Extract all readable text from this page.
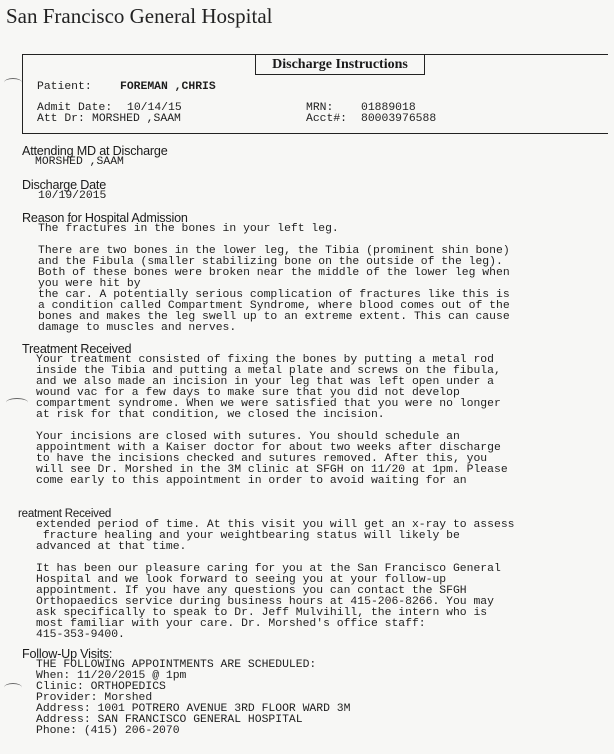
San Francisco General Hospital
Discharge Instructions
Patient: FOREMAN ,CHRIS
Admit Date: 10/14/15
Att Dr: MORSHED ,SAAM
MRN: 01889018
Acct#: 80003976588
Attending MD at Discharge
MORSHED ,SAAM
Discharge Date
10/19/2015
Reason for Hospital Admission
The fractures in the bones in your left leg.

There are two bones in the lower leg, the Tibia (prominent shin bone)
and the Fibula (smaller stabilizing bone on the outside of the leg).
Both of these bones were broken near the middle of the lower leg when
you were hit by
the car. A potentially serious complication of fractures like this is
a condition called Compartment Syndrome, where blood comes out of the
bones and makes the leg swell up to an extreme extent. This can cause
damage to muscles and nerves.
Treatment Received
Your treatment consisted of fixing the bones by putting a metal rod
inside the Tibia and putting a metal plate and screws on the fibula,
and we also made an incision in your leg that was left open under a
wound vac for a few days to make sure that you did not develop
compartment syndrome. When we were satisfied that you were no longer
at risk for that condition, we closed the incision.

Your incisions are closed with sutures. You should schedule an
appointment with a Kaiser doctor for about two weeks after discharge
to have the incisions checked and sutures removed. After this, you
will see Dr. Morshed in the 3M clinic at SFGH on 11/20 at 1pm. Please
come early to this appointment in order to avoid waiting for an
reatment Received
extended period of time. At this visit you will get an x-ray to assess
fracture healing and your weightbearing status will likely be
advanced at that time.

It has been our pleasure caring for you at the San Francisco General
Hospital and we look forward to seeing you at your follow-up
appointment. If you have any questions you can contact the SFGH
Orthopaedics service during business hours at 415-206-8266. You may
ask specifically to speak to Dr. Jeff Mulvihill, the intern who is
most familiar with your care. Dr. Morshed's office staff:
415-353-9400.
Follow-Up Visits:
THE FOLLOWING APPOINTMENTS ARE SCHEDULED:
When: 11/20/2015 @ 1pm
Clinic: ORTHOPEDICS
Provider: Morshed
Address: 1001 POTRERO AVENUE 3RD FLOOR WARD 3M
Address: SAN FRANCISCO GENERAL HOSPITAL
Phone: (415) 206-2070
